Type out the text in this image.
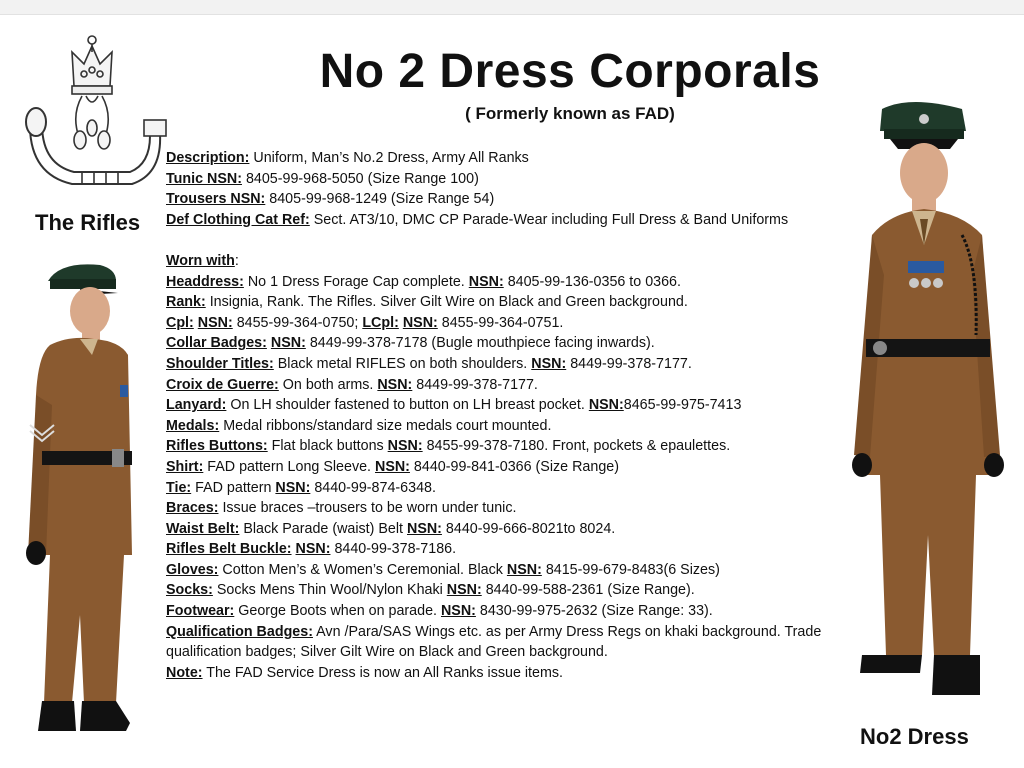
The Rifles
No 2 Dress Corporals
( Formerly known as FAD)
Description: Uniform, Man’s No.2 Dress, Army All Ranks
Tunic NSN: 8405-99-968-5050 (Size Range 100)
Trousers NSN: 8405-99-968-1249 (Size Range 54)
Def Clothing Cat Ref: Sect. AT3/10, DMC CP Parade-Wear including Full Dress & Band Uniforms
Worn with:
Headdress: No 1 Dress Forage Cap complete. NSN: 8405-99-136-0356 to 0366.
Rank: Insignia, Rank. The Rifles. Silver Gilt Wire on Black and Green background.
Cpl: NSN: 8455-99-364-0750; LCpl: NSN: 8455-99-364-0751.
Collar Badges: NSN: 8449-99-378-7178 (Bugle mouthpiece facing inwards).
Shoulder Titles: Black metal RIFLES on both shoulders. NSN: 8449-99-378-7177.
Croix de Guerre: On both arms. NSN: 8449-99-378-7177.
Lanyard: On LH shoulder fastened to button on LH breast pocket. NSN:8465-99-975-7413
Medals: Medal ribbons/standard size medals court mounted.
Rifles Buttons: Flat black buttons NSN: 8455-99-378-7180. Front, pockets & epaulettes.
Shirt: FAD pattern Long Sleeve. NSN: 8440-99-841-0366 (Size Range)
Tie: FAD pattern NSN: 8440-99-874-6348.
Braces: Issue braces –trousers to be worn under tunic.
Waist Belt: Black Parade (waist) Belt NSN: 8440-99-666-8021to 8024.
Rifles Belt Buckle: NSN: 8440-99-378-7186.
Gloves: Cotton Men’s & Women’s Ceremonial. Black NSN: 8415-99-679-8483(6 Sizes)
Socks: Socks Mens Thin Wool/Nylon Khaki NSN: 8440-99-588-2361 (Size Range).
Footwear: George Boots when on parade. NSN: 8430-99-975-2632 (Size Range: 33).
Qualification Badges: Avn /Para/SAS Wings etc. as per Army Dress Regs on khaki background. Trade qualification badges; Silver Gilt Wire on Black and Green background.
Note: The FAD Service Dress is now an All Ranks issue items.
No2 Dress
